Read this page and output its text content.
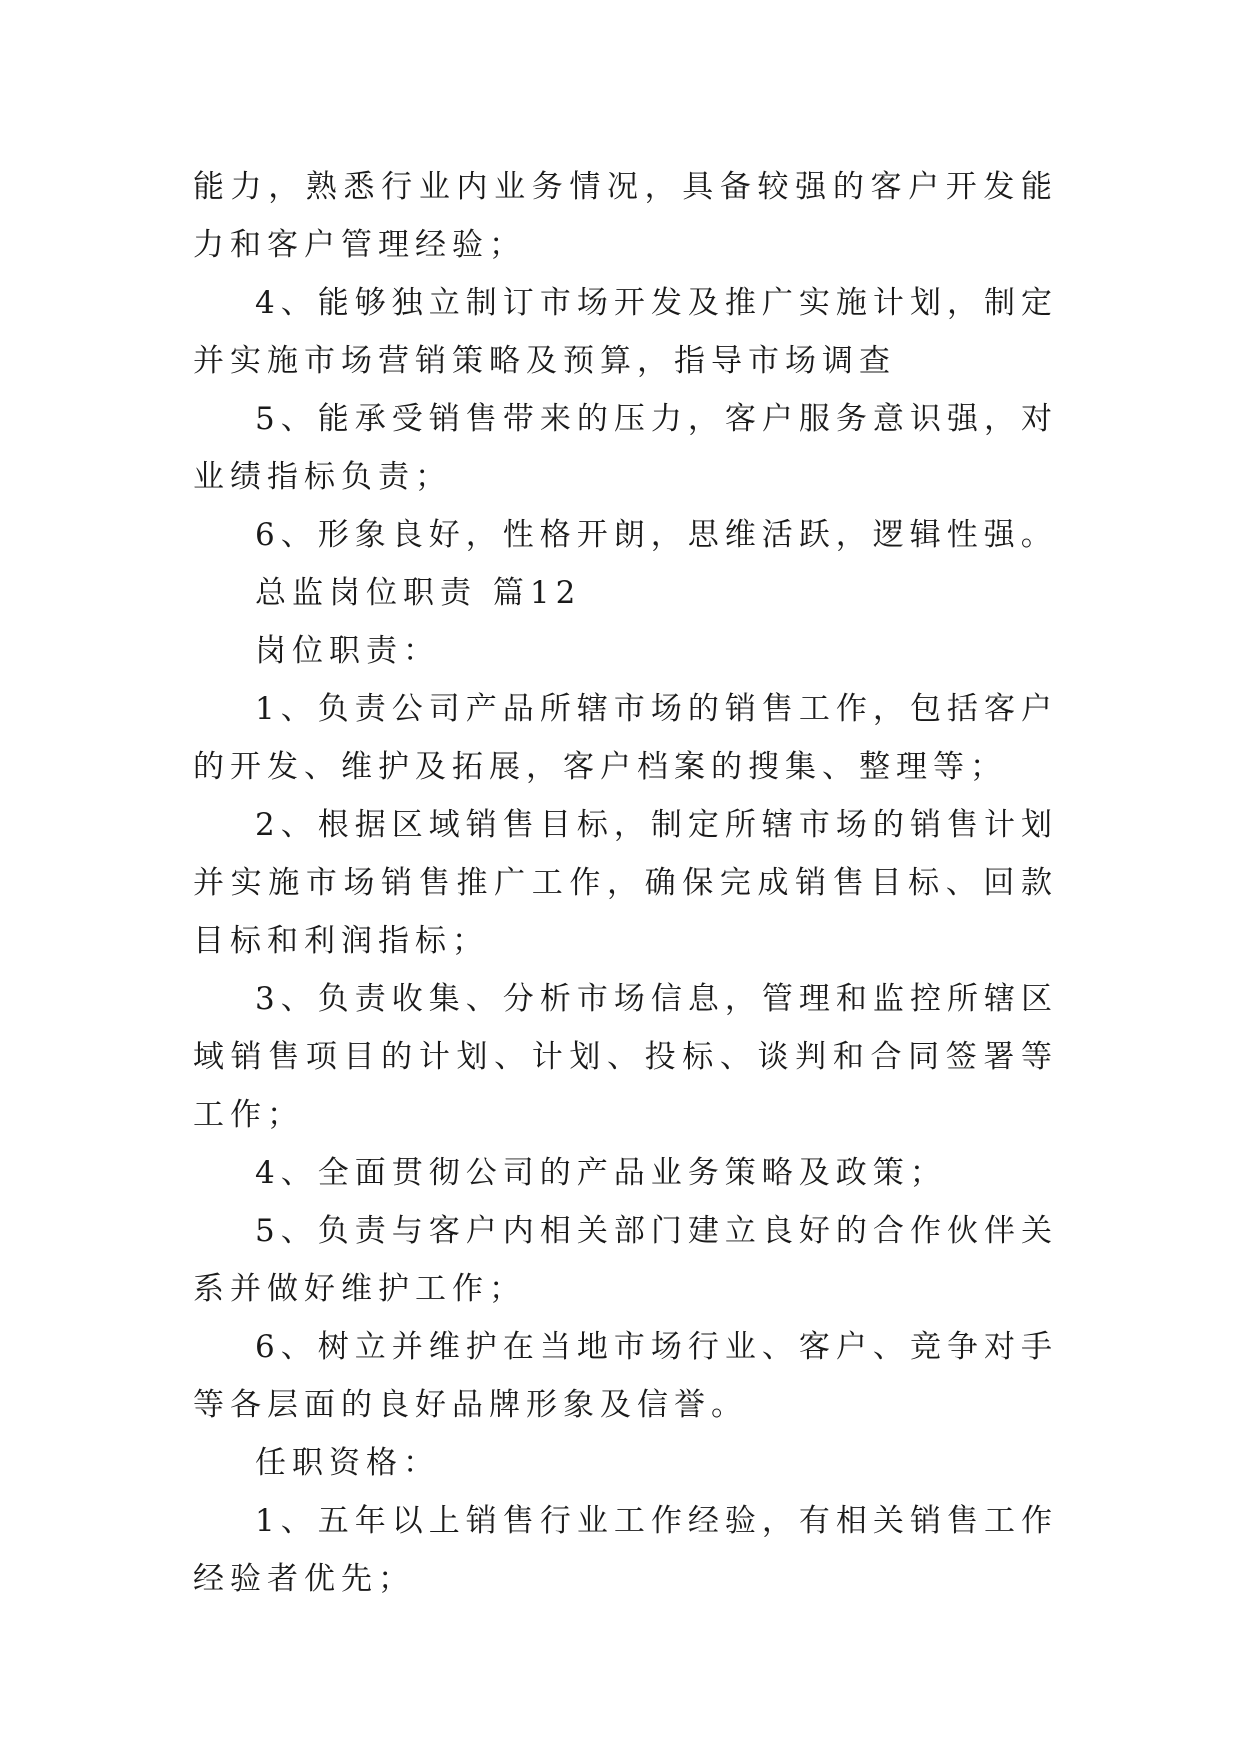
能力，熟悉行业内业务情况，具备较强的客户开发能力和客户管理经验；

4、能够独立制订市场开发及推广实施计划，制定并实施市场营销策略及预算，指导市场调查

5、能承受销售带来的压力，客户服务意识强，对业绩指标负责；

6、形象良好，性格开朗，思维活跃，逻辑性强。

总监岗位职责 篇12

岗位职责：

1、负责公司产品所辖市场的销售工作，包括客户的开发、维护及拓展，客户档案的搜集、整理等；

2、根据区域销售目标，制定所辖市场的销售计划并实施市场销售推广工作，确保完成销售目标、回款目标和利润指标；

3、负责收集、分析市场信息，管理和监控所辖区域销售项目的计划、计划、投标、谈判和合同签署等工作；

4、全面贯彻公司的产品业务策略及政策；

5、负责与客户内相关部门建立良好的合作伙伴关系并做好维护工作；

6、树立并维护在当地市场行业、客户、竞争对手等各层面的良好品牌形象及信誉。

任职资格：

1、五年以上销售行业工作经验，有相关销售工作经验者优先；
